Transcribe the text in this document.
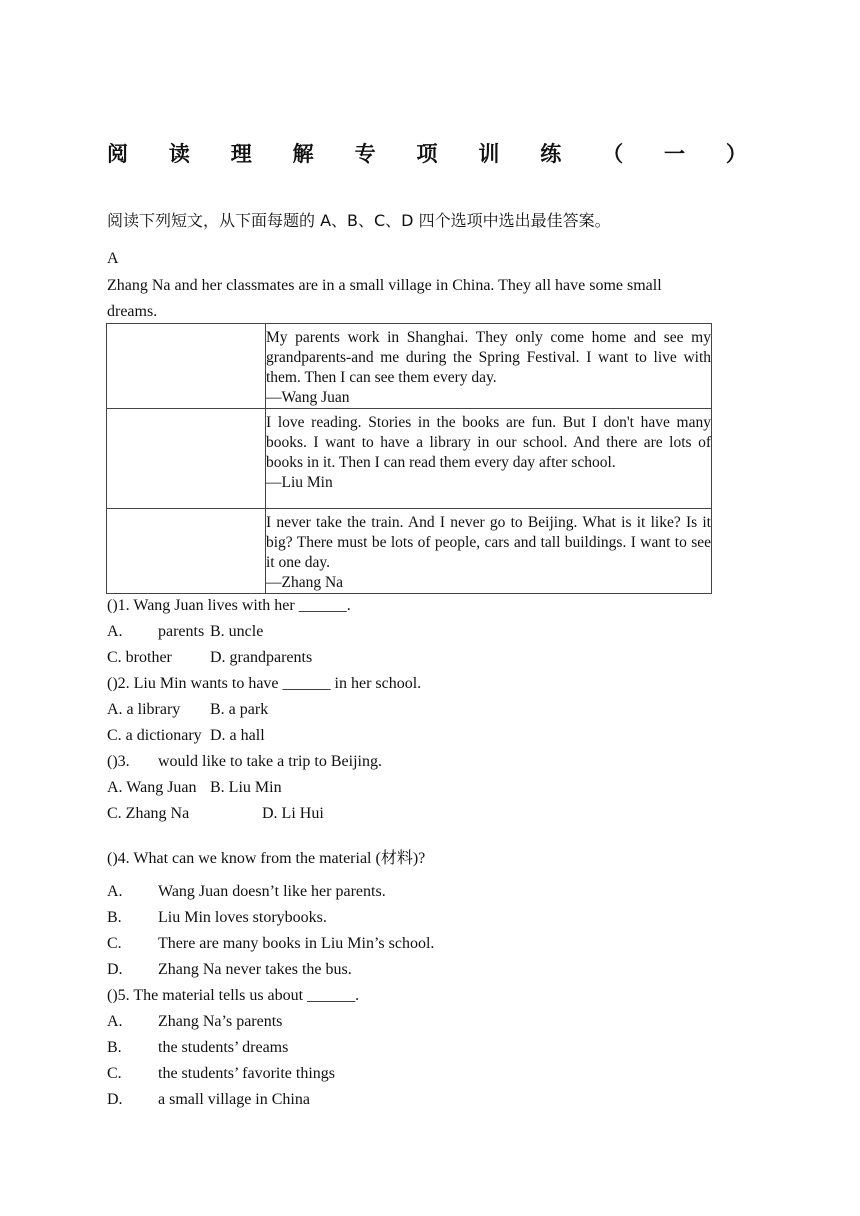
阅 读 理 解 专 项 训 练 （ 一 ）
阅读下列短文，从下面每题的 A、B、C、D 四个选项中选出最佳答案。
A
Zhang Na and her classmates are in a small village in China. They all have some small dreams.

	My parents work in Shanghai. They only come home and see my grandparents-and me during the Spring Festival. I want to live with them. Then I can see them every day.
—Wang Juan

	I love reading. Stories in the books are fun. But I don't have many books. I want to have a library in our school. And there are lots of books in it. Then I can read them every day after school.
—Liu Min

	I never take the train. And I never go to Beijing. What is it like? Is it big? There must be lots of people, cars and tall buildings. I want to see it one day.
—Zhang Na
()1. Wang Juan lives with her ______.
A. parents B. uncle
C. brother D. grandparents
()2. Liu Min wants to have ______ in her school.
A. a library B. a park
C. a dictionary D. a hall
()3. would like to take a trip to Beijing.
A. Wang Juan B. Liu Min
C. Zhang Na	D. Li Hui
()4. What can we know from the material (材料)?
A. Wang Juan doesn’t like her parents.
B. Liu Min loves storybooks.
C. There are many books in Liu Min’s school.
D. Zhang Na never takes the bus.
()5. The material tells us about ______.
A. Zhang Na’s parents
B. the students’ dreams
C. the students’ favorite things
D. a small village in China
